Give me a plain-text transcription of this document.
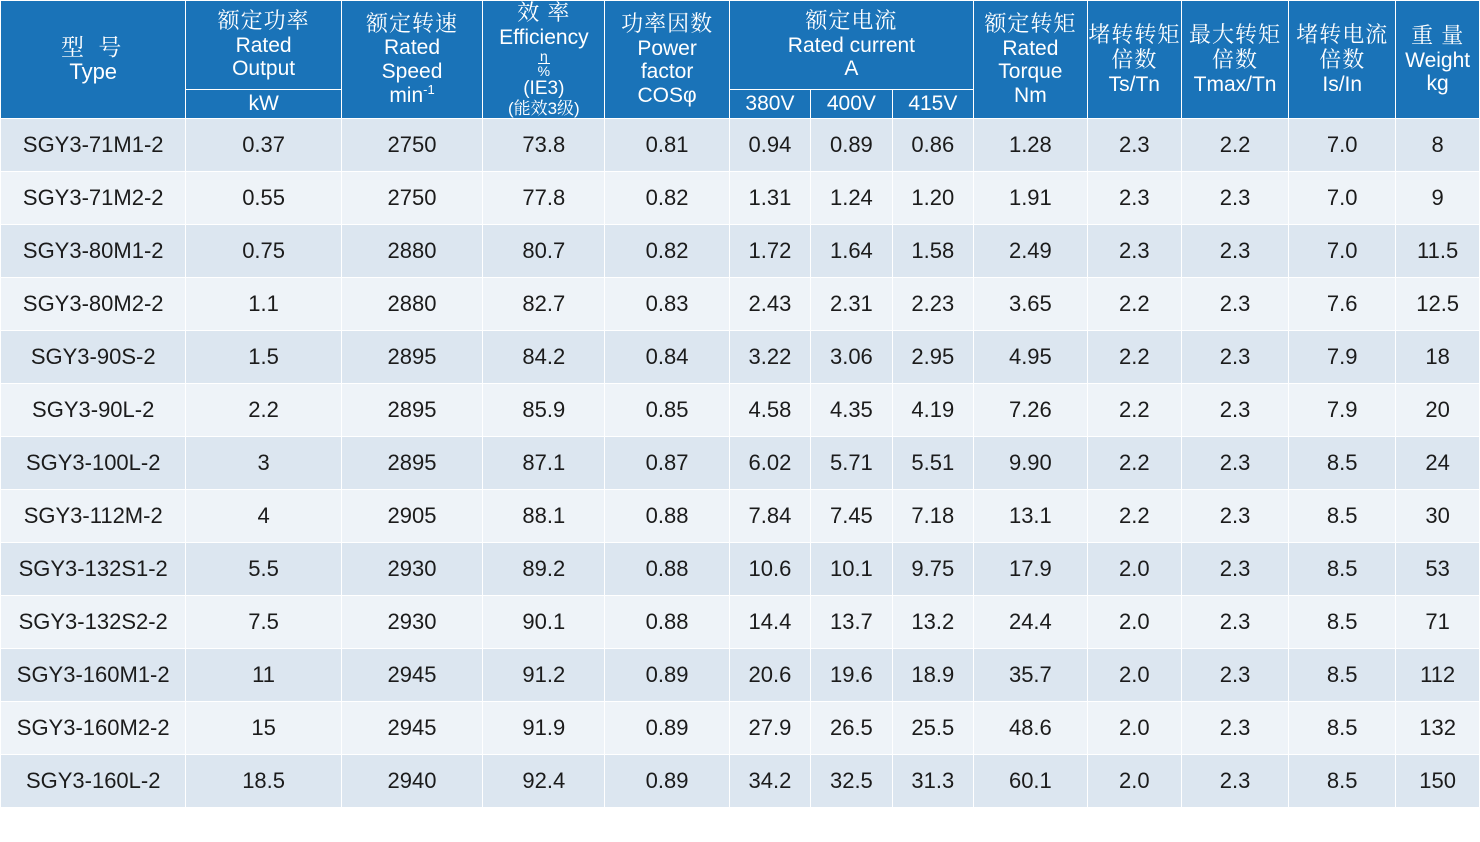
型 号
Type

额定功率
Rated
Output

额定转速
Rated
Speed
$\min^{-1}$

效 率
Efficiency
$\frac{\eta}{\%}$
(IE3)
(能效3级)

功率因数
Power
factor
COSφ

额定电流
Rated current
A

额定转矩
Rated
Torque
Nm

堵转转矩
倍数
Ts/Tn

最大转矩
倍数
Tmax/Tn

堵转电流
倍数
Is/In

重 量
Weight
kg

	kW				380V	400V	415V					

SGY3-71M1-2	0.37	2750	73.8	0.81	0.94	0.89	0.86	1.28	2.3	2.2	7.0	8
SGY3-71M2-2	0.55	2750	77.8	0.82	1.31	1.24	1.20	1.91	2.3	2.3	7.0	9
SGY3-80M1-2	0.75	2880	80.7	0.82	1.72	1.64	1.58	2.49	2.3	2.3	7.0	11.5
SGY3-80M2-2	1.1	2880	82.7	0.83	2.43	2.31	2.23	3.65	2.2	2.3	7.6	12.5
SGY3-90S-2	1.5	2895	84.2	0.84	3.22	3.06	2.95	4.95	2.2	2.3	7.9	18
SGY3-90L-2	2.2	2895	85.9	0.85	4.58	4.35	4.19	7.26	2.2	2.3	7.9	20
SGY3-100L-2	3	2895	87.1	0.87	6.02	5.71	5.51	9.90	2.2	2.3	8.5	24
SGY3-112M-2	4	2905	88.1	0.88	7.84	7.45	7.18	13.1	2.2	2.3	8.5	30
SGY3-132S1-2	5.5	2930	89.2	0.88	10.6	10.1	9.75	17.9	2.0	2.3	8.5	53
SGY3-132S2-2	7.5	2930	90.1	0.88	14.4	13.7	13.2	24.4	2.0	2.3	8.5	71
SGY3-160M1-2	11	2945	91.2	0.89	20.6	19.6	18.9	35.7	2.0	2.3	8.5	112
SGY3-160M2-2	15	2945	91.9	0.89	27.9	26.5	25.5	48.6	2.0	2.3	8.5	132
SGY3-160L-2	18.5	2940	92.4	0.89	34.2	32.5	31.3	60.1	2.0	2.3	8.5	150
